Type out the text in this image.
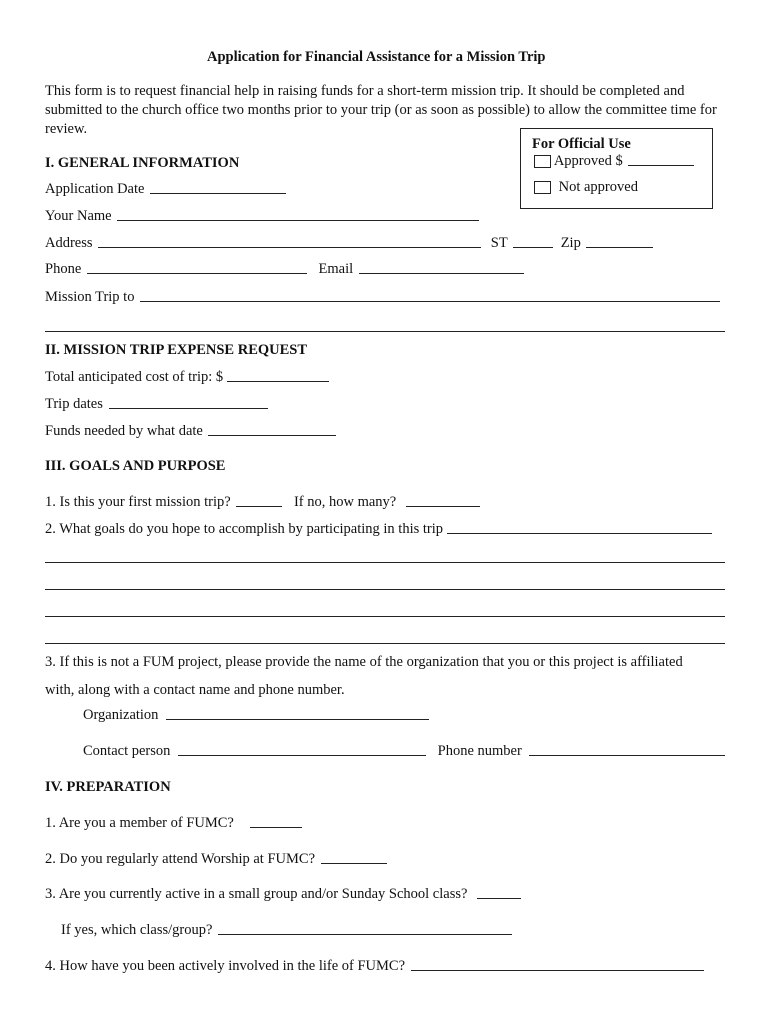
Application for Financial Assistance for a Mission Trip
This form is to request financial help in raising funds for a short-term mission trip. It should be completed and submitted to the church office two months prior to your trip (or as soon as possible) to allow the committee time for review.
For Official Use
Approved $
Not approved
I. GENERAL INFORMATION
Application Date
Your Name
Address	ST	Zip
Phone	Email
Mission Trip to
II. MISSION TRIP EXPENSE REQUEST
Total anticipated cost of trip: $
Trip dates
Funds needed by what date
III. GOALS AND PURPOSE
1. Is this your first mission trip?	If no, how many?
2. What goals do you hope to accomplish by participating in this trip
3. If this is not a FUM project, please provide the name of the organization that you or this project is affiliated
with, along with a contact name and phone number.
Organization
Contact person	Phone number
IV. PREPARATION
1. Are you a member of FUMC?
2. Do you regularly attend Worship at FUMC?
3. Are you currently active in a small group and/or Sunday School class?
If yes, which class/group?
4. How have you been actively involved in the life of FUMC?
